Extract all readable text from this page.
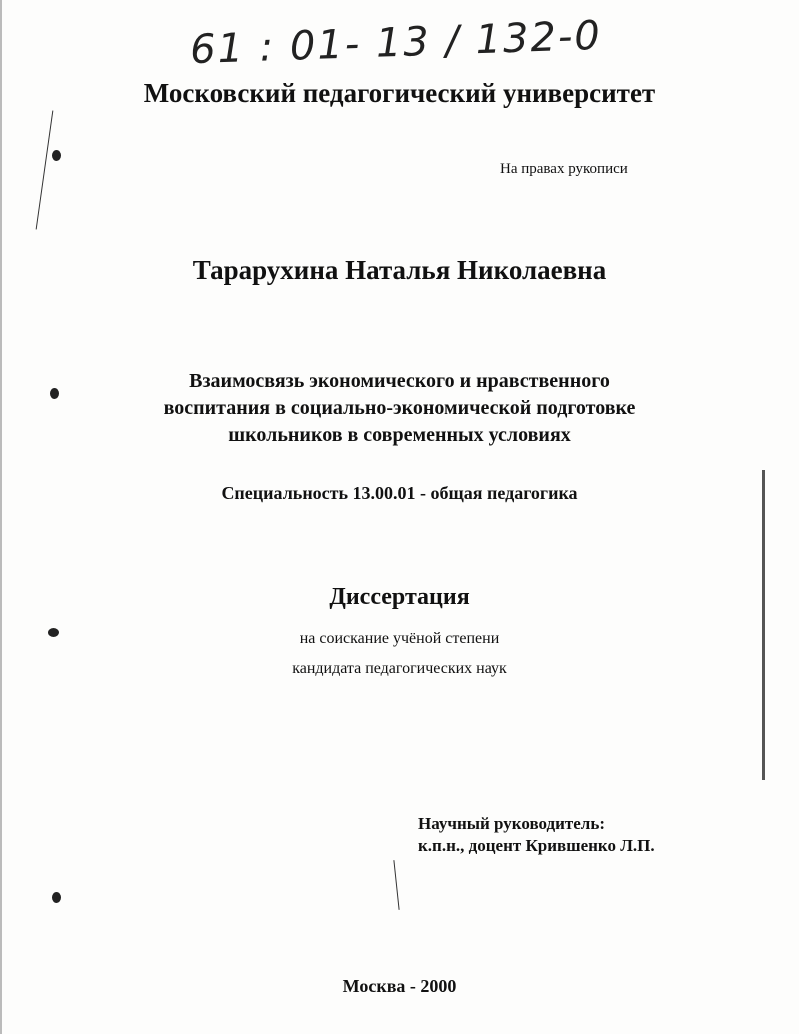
61 : 01- 13 / 132-0
Московский педагогический университет
На правах рукописи
Тарарухина Наталья Николаевна
Взаимосвязь экономического и нравственного
воспитания в социально-экономической подготовке
школьников в современных условиях
Специальность 13.00.01 - общая педагогика
Диссертация
на соискание учёной степени
кандидата педагогических наук
Научный руководитель:
к.п.н., доцент Крившенко Л.П.
Москва - 2000
